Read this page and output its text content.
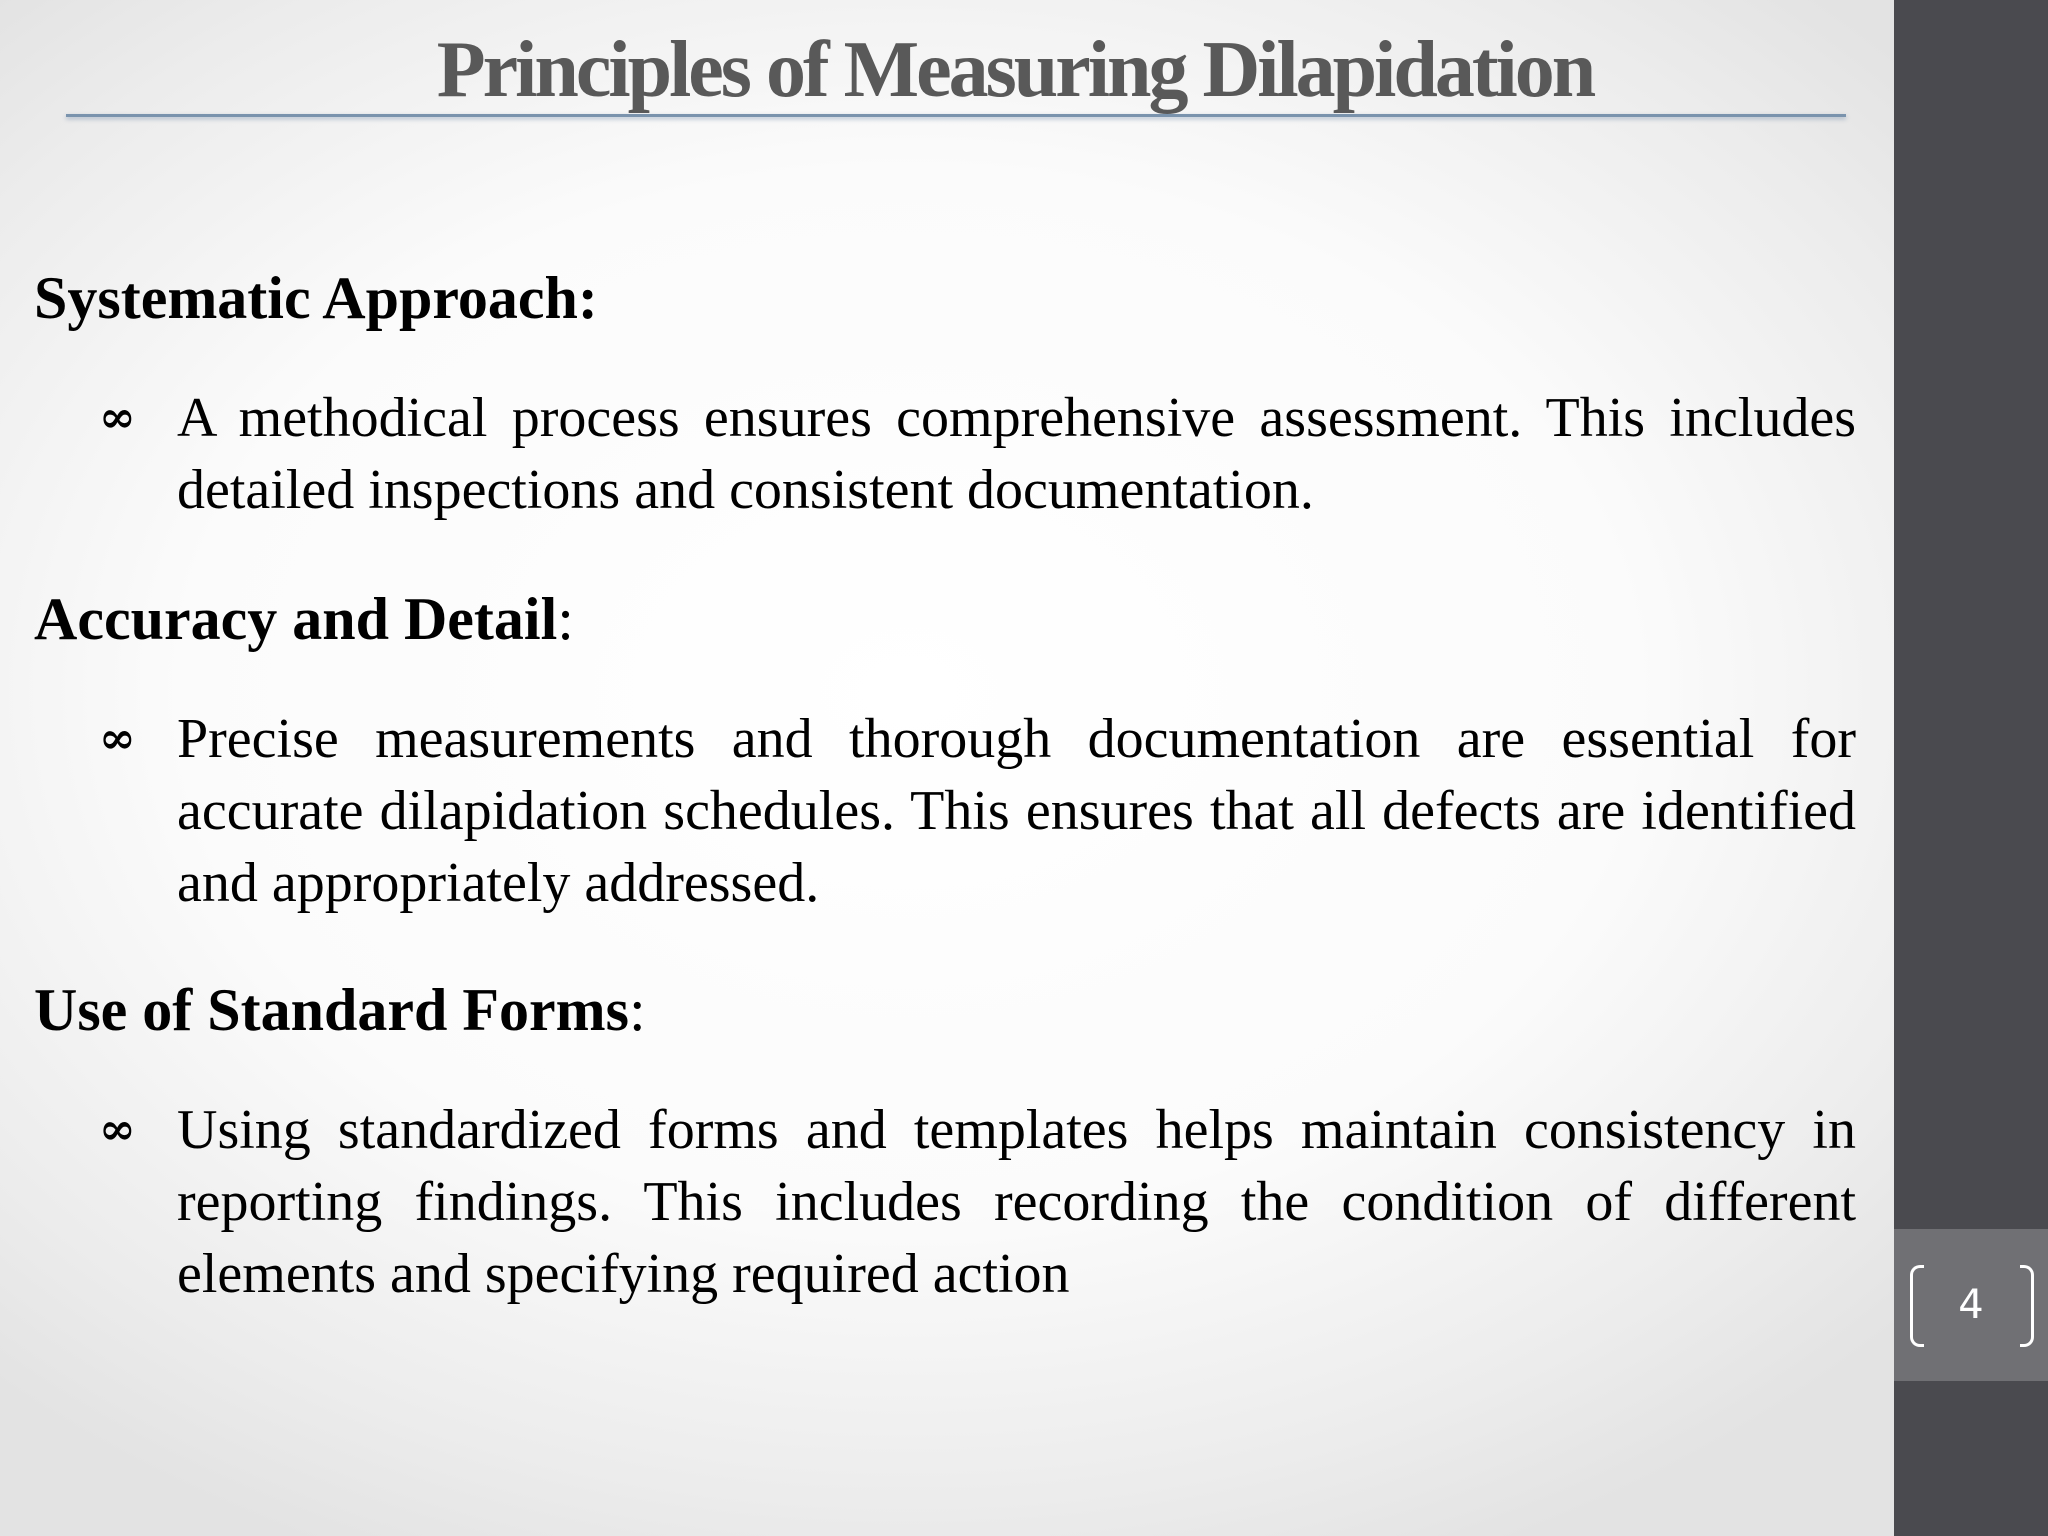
Principles of Measuring Dilapidation

Systematic Approach:

∞ A methodical process ensures comprehensive assessment. This includes detailed inspections and consistent documentation.

Accuracy and Detail:

∞ Precise measurements and thorough documentation are essential for accurate dilapidation schedules. This ensures that all defects are identified and appropriately addressed.

Use of Standard Forms:

∞ Using standardized forms and templates helps maintain consistency in reporting findings. This includes recording the condition of different elements and specifying required action	4
